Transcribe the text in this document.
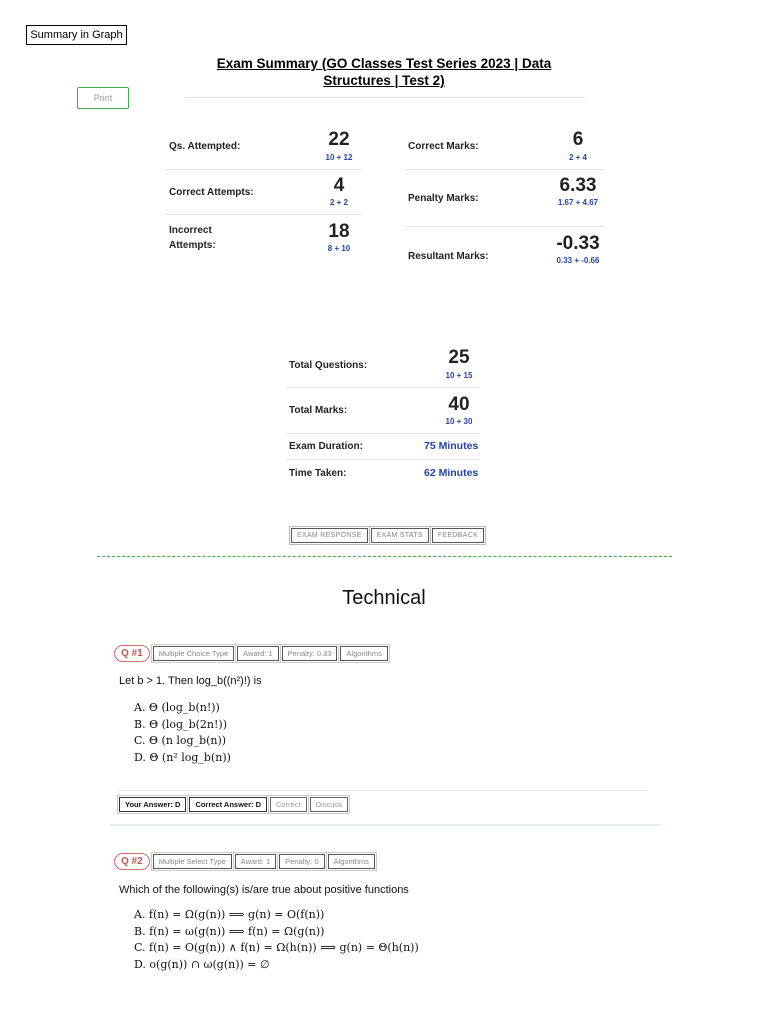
Summary in Graph
Exam Summary (GO Classes Test Series 2023 | Data Structures | Test 2)
Print
Qs. Attempted:	22
10 + 12
Correct Attempts:	4
2 + 2
Incorrect Attempts:
18
8 + 10
Correct Marks:	6
2 + 4
Penalty Marks:
6.33
1.67 + 4.67
Resultant Marks:
-0.33
0.33 + -0.66
Total Questions:	25
10 + 15
Total Marks:	40
10 + 30
Exam Duration:	75 Minutes
Time Taken:	62 Minutes
EXAM RESPONSE	EXAM STATS	FEEDBACK
Technical
Q #1	Multiple Choice Type	Award: 1	Penalty: 0.33	Algorithms
Let b > 1. Then log_b((n²)!) is
A. Θ (log_b(n!))
B. Θ (log_b(2n!))
C. Θ (n log_b(n))
D. Θ (n² log_b(n))
Your Answer: D	Correct Answer: D	Correct	Discuss
Q #2	Multiple Select Type	Award: 1	Penalty: 0	Algorithms
Which of the following(s) is/are true about positive functions
A. f(n) = Ω(g(n)) ⟹ g(n) = O(f(n))
B. f(n) = ω(g(n)) ⟹ f(n) = Ω(g(n))
C. f(n) = O(g(n)) ∧ f(n) = Ω(h(n)) ⟹ g(n) = Θ(h(n))
D. o(g(n)) ∩ ω(g(n)) = ∅
